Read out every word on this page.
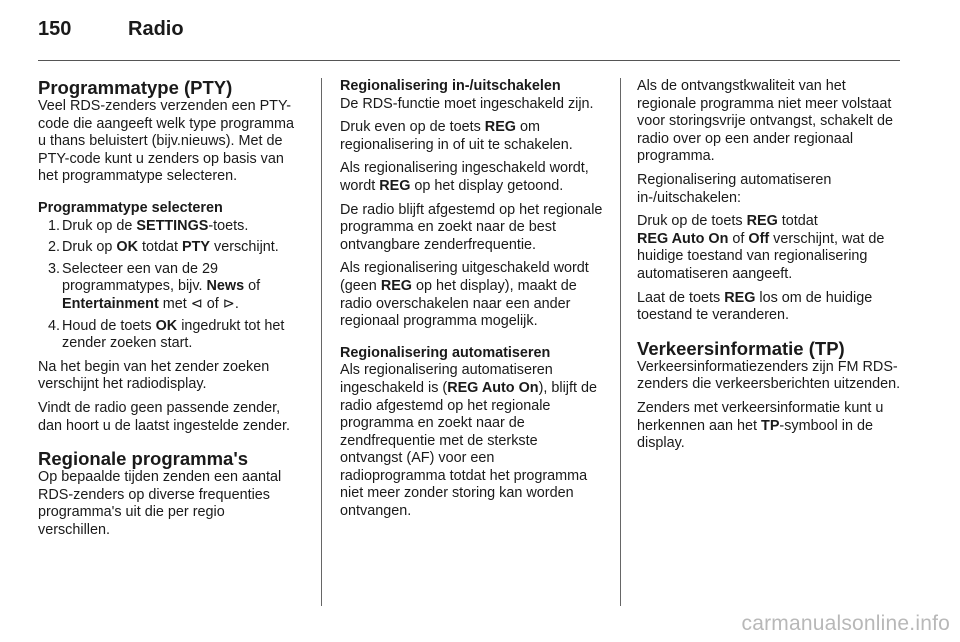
150	Radio
Programmatype (PTY)

Veel RDS-zenders verzenden een PTY-code die aangeeft welk type programma u thans beluistert (bijv.nieuws). Met de PTY-code kunt u zenders op basis van het programmatype selecteren.

Programmatype selecteren
1. Druk op de SETTINGS-toets.
2. Druk op OK totdat PTY verschijnt.
3. Selecteer een van de 29 programmatypes, bijv. News of Entertainment met ⊲ of ⊳.
4. Houd de toets OK ingedrukt tot het zender zoeken start.

Na het begin van het zender zoeken verschijnt het radiodisplay.

Vindt de radio geen passende zender, dan hoort u de laatst ingestelde zender.

Regionale programma's

Op bepaalde tijden zenden een aantal RDS-zenders op diverse frequenties programma's uit die per regio verschillen.

Regionalisering in-/uitschakelen

De RDS-functie moet ingeschakeld zijn.

Druk even op de toets REG om regionalisering in of uit te schakelen.

Als regionalisering ingeschakeld wordt, wordt REG op het display getoond.

De radio blijft afgestemd op het regionale programma en zoekt naar de best ontvangbare zenderfrequentie.

Als regionalisering uitgeschakeld wordt (geen REG op het display), maakt de radio overschakelen naar een ander regionaal programma mogelijk.

Regionalisering automatiseren

Als regionalisering automatiseren ingeschakeld is (REG Auto On), blijft de radio afgestemd op het regionale programma en zoekt naar de zendfrequentie met de sterkste ontvangst (AF) voor een radioprogramma totdat het programma niet meer zonder storing kan worden ontvangen.

Als de ontvangstkwaliteit van het regionale programma niet meer volstaat voor storingsvrije ontvangst, schakelt de radio over op een ander regionaal programma.

Regionalisering automatiseren in-/uitschakelen:

Druk op de toets REG totdat
REG Auto On of Off verschijnt, wat de huidige toestand van regionalisering automatiseren aangeeft.

Laat de toets REG los om de huidige toestand te veranderen.

Verkeersinformatie (TP)

Verkeersinformatiezenders zijn FM RDS-zenders die verkeersberichten uitzenden.

Zenders met verkeersinformatie kunt u herkennen aan het TP-symbool in de display.

carmanualsonline.info
